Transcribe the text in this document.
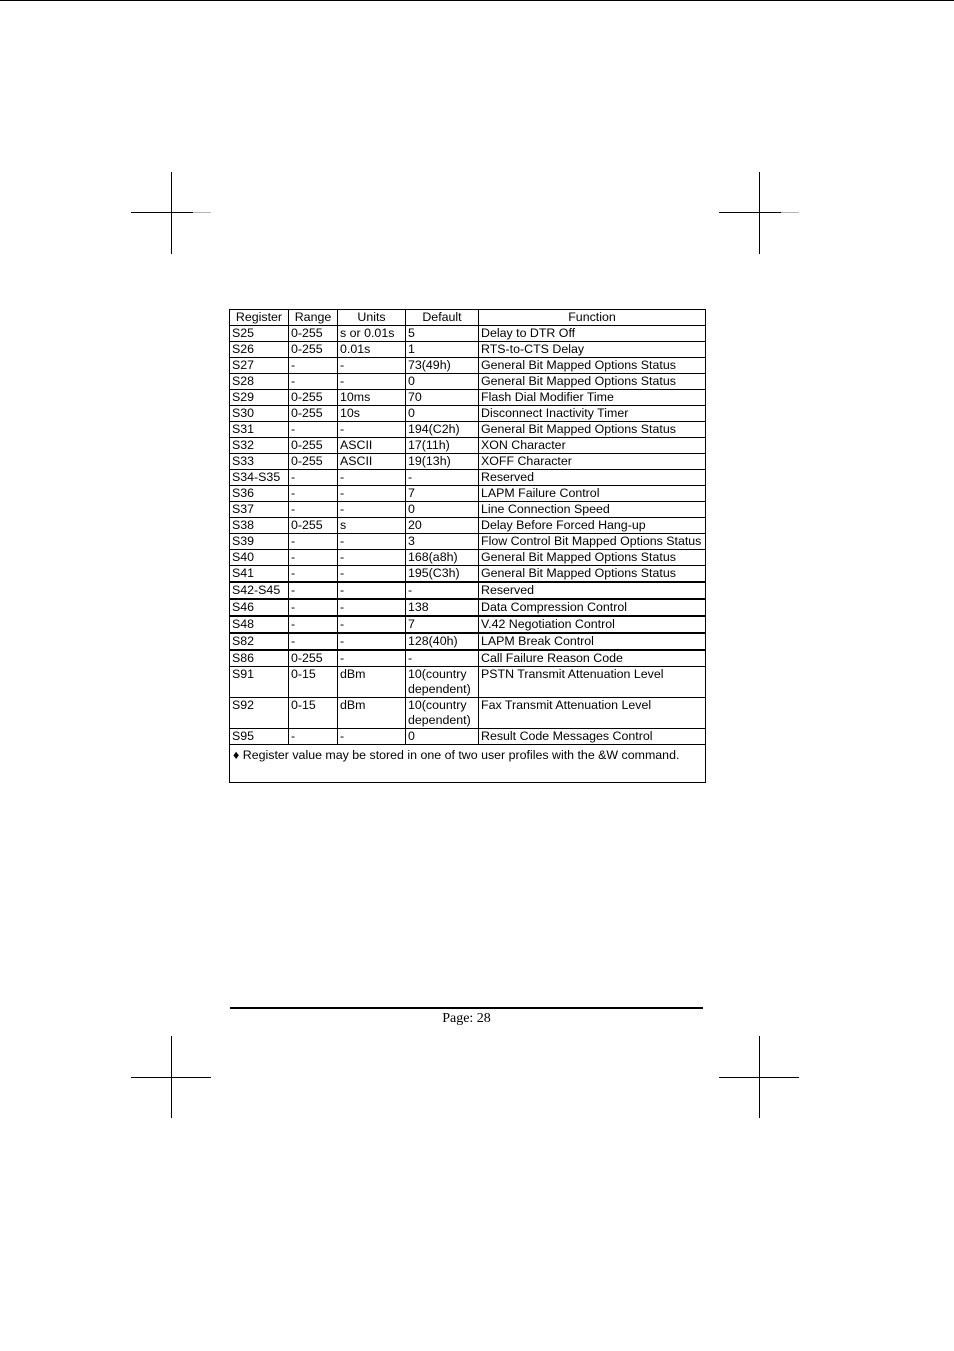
Register	Range	Units	Default	Function
S25	0-255	s or 0.01s	5	Delay to DTR Off
S26	0-255	0.01s	1	RTS-to-CTS Delay
S27	-	-	73(49h)	General Bit Mapped Options Status
S28	-	-	0	General Bit Mapped Options Status
S29	0-255	10ms	70	Flash Dial Modifier Time
S30	0-255	10s	0	Disconnect Inactivity Timer
S31	-	-	194(C2h)	General Bit Mapped Options Status
S32	0-255	ASCII	17(11h)	XON Character
S33	0-255	ASCII	19(13h)	XOFF Character
S34-S35	-	-	-	Reserved
S36	-	-	7	LAPM Failure Control
S37	-	-	0	Line Connection Speed
S38	0-255	s	20	Delay Before Forced Hang-up
S39	-	-	3	Flow Control Bit Mapped Options Status
S40	-	-	168(a8h)	General Bit Mapped Options Status
S41	-	-	195(C3h)	General Bit Mapped Options Status
S42-S45	-	-	-	Reserved
S46	-	-	138	Data Compression Control
S48	-	-	7	V.42 Negotiation Control
S82	-	-	128(40h)	LAPM Break Control
S86	0-255	-	-	Call Failure Reason Code
S91	0-15	dBm	10(country dependent)	PSTN Transmit Attenuation Level
S92	0-15	dBm	10(country dependent)	Fax Transmit Attenuation Level
S95	-	-	0	Result Code Messages Control
♦ Register value may be stored in one of two user profiles with the &W command.				
Page: 28
